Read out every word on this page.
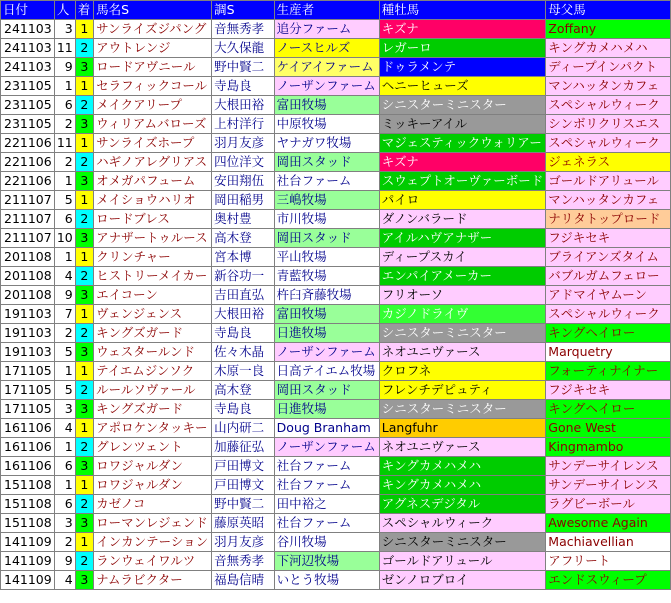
日付	人	着	馬名S	調S	生産者	種牡馬	母父馬
241103	3	1	サンライズジパング	音無秀孝	追分ファーム	キズナ	Zoffany
241103	11	2	アウトレンジ	大久保龍	ノースヒルズ	レガーロ	キングカメハメハ
241103	9	3	ロードアヴニール	野中賢二	ケイアイファーム	ドゥラメンテ	ディープインパクト
231105	1	1	セラフィックコール	寺島良	ノーザンファーム	ヘニーヒューズ	マンハッタンカフェ
231105	6	2	メイクアリープ	大根田裕	富田牧場	シニスターミニスター	スペシャルウィーク
231105	2	3	ウィリアムバローズ	上村洋行	中原牧場	ミッキーアイル	シンボリクリスエス
221106	11	1	サンライズホープ	羽月友彦	ヤナガワ牧場	マジェスティックウォリアー	スペシャルウィーク
221106	2	2	ハギノアレグリアス	四位洋文	岡田スタッド	キズナ	ジェネラス
221106	1	3	オメガパフューム	安田翔伍	社台ファーム	スウェプトオーヴァーボード	ゴールドアリュール
211107	5	1	メイショウハリオ	岡田稲男	三嶋牧場	パイロ	マンハッタンカフェ
211107	6	2	ロードブレス	奥村豊	市川牧場	ダノンバラード	ナリタトップロード
211107	10	3	アナザートゥルース	高木登	岡田スタッド	アイルハヴアナザー	フジキセキ
201108	1	1	クリンチャー	宮本博	平山牧場	ディープスカイ	ブライアンズタイム
201108	4	2	ヒストリーメイカー	新谷功一	青藍牧場	エンパイアメーカー	バブルガムフェロー
201108	9	3	エイコーン	吉田直弘	杵臼斉藤牧場	フリオーソ	アドマイヤムーン
191103	7	1	ヴェンジェンス	大根田裕	富田牧場	カジノドライヴ	スペシャルウィーク
191103	2	2	キングズガード	寺島良	日進牧場	シニスターミニスター	キングヘイロー
191103	5	3	ウェスタールンド	佐々木晶	ノーザンファーム	ネオユニヴァース	Marquetry
171105	1	1	テイエムジンソク	木原一良	日高テイエム牧場	クロフネ	フォーティナイナー
171105	5	2	ルールソヴァール	高木登	岡田スタッド	フレンチデピュティ	フジキセキ
171105	3	3	キングズガード	寺島良	日進牧場	シニスターミニスター	キングヘイロー
161106	4	1	アポロケンタッキー	山内研二	Doug Branham	Langfuhr	Gone West
161106	1	2	グレンツェント	加藤征弘	ノーザンファーム	ネオユニヴァース	Kingmambo
161106	6	3	ロワジャルダン	戸田博文	社台ファーム	キングカメハメハ	サンデーサイレンス
151108	1	1	ロワジャルダン	戸田博文	社台ファーム	キングカメハメハ	サンデーサイレンス
151108	6	2	カゼノコ	野中賢二	田中裕之	アグネスデジタル	ラグビーボール
151108	3	3	ローマンレジェンド	藤原英昭	社台ファーム	スペシャルウィーク	Awesome Again
141109	2	1	インカンテーション	羽月友彦	谷川牧場	シニスターミニスター	Machiavellian
141109	9	2	ランウェイワルツ	音無秀孝	下河辺牧場	ゴールドアリュール	アフリート
141109	4	3	ナムラビクター	福島信晴	いとう牧場	ゼンノロブロイ	エンドスウィープ
